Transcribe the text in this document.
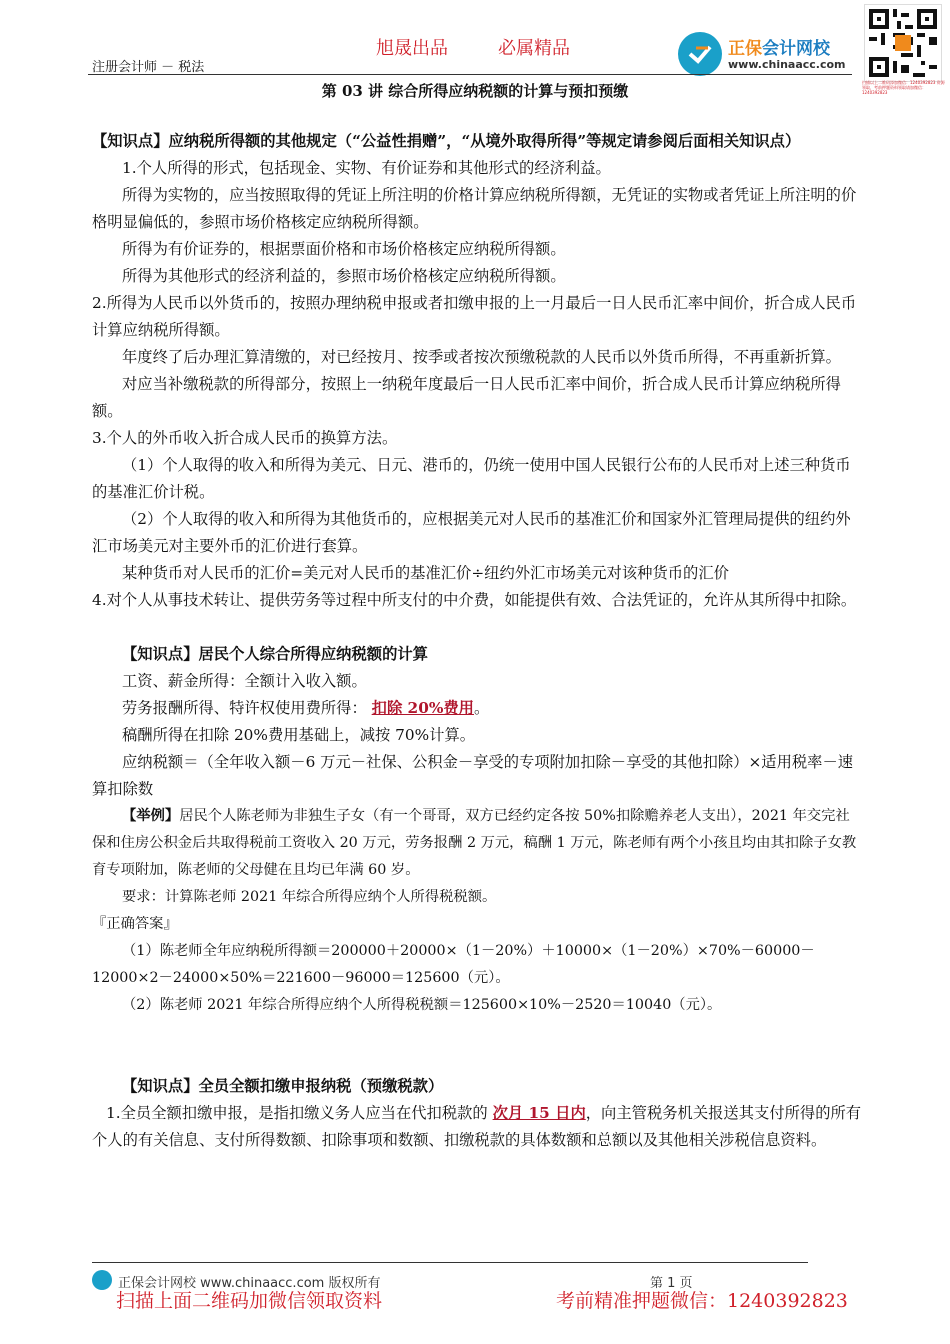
注册会计师 － 税法
旭晟出品	必属精品	正保会计网校
www.chinaacc.com
扫描以上二维码添加微信：1240392823 资源领取，考前押题资料领取请加微信：1240392823
第 03 讲 综合所得应纳税额的计算与预扣预缴

【知识点】应纳税所得额的其他规定（“公益性捐赠”，“从境外取得所得”等规定请参阅后面相关知识点）

1.个人所得的形式，包括现金、实物、有价证券和其他形式的经济利益。

所得为实物的，应当按照取得的凭证上所注明的价格计算应纳税所得额，无凭证的实物或者凭证上所注明的价格明显偏低的，参照市场价格核定应纳税所得额。

所得为有价证券的，根据票面价格和市场价格核定应纳税所得额。

所得为其他形式的经济利益的，参照市场价格核定应纳税所得额。

2.所得为人民币以外货币的，按照办理纳税申报或者扣缴申报的上一月最后一日人民币汇率中间价，折合成人民币计算应纳税所得额。

年度终了后办理汇算清缴的，对已经按月、按季或者按次预缴税款的人民币以外货币所得，不再重新折算。

对应当补缴税款的所得部分，按照上一纳税年度最后一日人民币汇率中间价，折合成人民币计算应纳税所得额。

3.个人的外币收入折合成人民币的换算方法。

（1）个人取得的收入和所得为美元、日元、港币的，仍统一使用中国人民银行公布的人民币对上述三种货币的基准汇价计税。

（2）个人取得的收入和所得为其他货币的，应根据美元对人民币的基准汇价和国家外汇管理局提供的纽约外汇市场美元对主要外币的汇价进行套算。

某种货币对人民币的汇价=美元对人民币的基准汇价÷纽约外汇市场美元对该种货币的汇价

4.对个人从事技术转让、提供劳务等过程中所支付的中介费，如能提供有效、合法凭证的，允许从其所得中扣除。

【知识点】居民个人综合所得应纳税额的计算

工资、薪金所得：全额计入收入额。

劳务报酬所得、特许权使用费所得： 扣除 20%费用。

稿酬所得在扣除 20%费用基础上，减按 70%计算。

应纳税额＝（全年收入额－6 万元－社保、公积金－享受的专项附加扣除－享受的其他扣除）×适用税率－速算扣除数

【举例】居民个人陈老师为非独生子女（有一个哥哥，双方已经约定各按 50%扣除赡养老人支出），2021 年交完社保和住房公积金后共取得税前工资收入 20 万元，劳务报酬 2 万元，稿酬 1 万元，陈老师有两个小孩且均由其扣除子女教育专项附加，陈老师的父母健在且均已年满 60 岁。

要求：计算陈老师 2021 年综合所得应纳个人所得税税额。

『正确答案』

（1）陈老师全年应纳税所得额＝200000＋20000×（1－20%）＋10000×（1－20%）×70%－60000－12000×2－24000×50%＝221600－96000＝125600（元）。

（2）陈老师 2021 年综合所得应纳个人所得税税额＝125600×10%－2520＝10040（元）。

【知识点】全员全额扣缴申报纳税（预缴税款）

1.全员全额扣缴申报，是指扣缴义务人应当在代扣税款的 次月 15 日内，向主管税务机关报送其支付所得的所有个人的有关信息、支付所得数额、扣除事项和数额、扣缴税款的具体数额和总额以及其他相关涉税信息资料。

正保会计网校 www.chinaacc.com 版权所有	第 1 页
扫描上面二维码加微信领取资料	考前精准押题微信：1240392823
